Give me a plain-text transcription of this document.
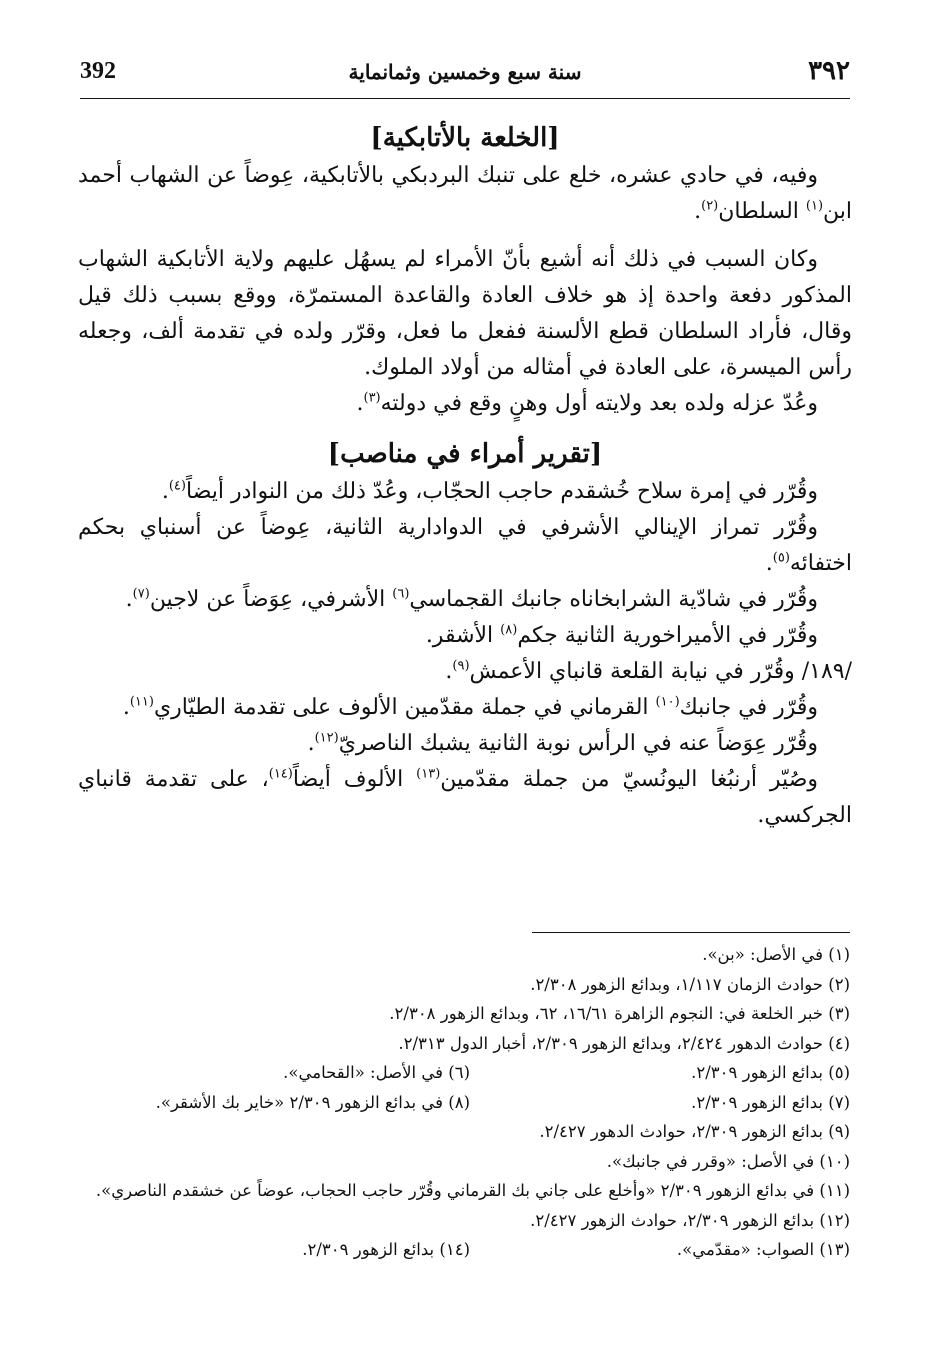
392	سنة سبع وخمسين وثمانماية	٣٩٢
[الخلعة بالأتابكية]

وفيه، في حادي عشره، خلع على تنبك البردبكي بالأتابكية، عِوضاً عن الشهاب أحمد ابن$^{(١)}$ السلطان$^{(٢)}$.

وكان السبب في ذلك أنه أشيع بأنّ الأمراء لم يسهُل عليهم ولاية الأتابكية الشهاب المذكور دفعة واحدة إذ هو خلاف العادة والقاعدة المستمرّة، ووقع بسبب ذلك قيل وقال، فأراد السلطان قطع الألسنة ففعل ما فعل، وقرّر ولده في تقدمة ألف، وجعله رأس الميسرة، على العادة في أمثاله من أولاد الملوك.

وعُدّ عزله ولده بعد ولايته أول وهنٍ وقع في دولته$^{(٣)}$.

[تقرير أمراء في مناصب]

وقُرّر في إمرة سلاح خُشقدم حاجب الحجّاب، وعُدّ ذلك من النوادر أيضاً$^{(٤)}$.

وقُرّر تمراز الإينالي الأشرفي في الدوادارية الثانية، عِوضاً عن أسنباي بحكم اختفائه$^{(٥)}$.

وقُرّر في شادّية الشرابخاناه جانبك القجماسي$^{(٦)}$ الأشرفي، عِوَضاً عن لاجين$^{(٧)}$.

وقُرّر في الأميراخورية الثانية جكم$^{(٨)}$ الأشقر.

/١٨٩/ وقُرّر في نيابة القلعة قانباي الأعمش$^{(٩)}$.

وقُرّر في جانبك$^{(١٠)}$ القرماني في جملة مقدّمين الألوف على تقدمة الطيّاري$^{(١١)}$.

وقُرّر عِوَضاً عنه في الرأس نوبة الثانية يشبك الناصريّ$^{(١٢)}$.

وصُيّر أرنبُغا اليونُسيّ من جملة مقدّمين$^{(١٣)}$ الألوف أيضاً$^{(١٤)}$، على تقدمة قانباي الجركسي.

(١) في الأصل: «بن».
(٢) حوادث الزمان ١/١١٧، وبدائع الزهور ٢/٣٠٨.
(٣) خبر الخلعة في: النجوم الزاهرة ١٦/٦١، ٦٢، وبدائع الزهور ٢/٣٠٨.
(٤) حوادث الدهور ٢/٤٢٤، وبدائع الزهور ٢/٣٠٩، أخبار الدول ٢/٣١٣.
(٥) بدائع الزهور ٢/٣٠٩.
(٦) في الأصل: «القحامي».
(٧) بدائع الزهور ٢/٣٠٩.
(٨) في بدائع الزهور ٢/٣٠٩ «خاير بك الأشقر».
(٩) بدائع الزهور ٢/٣٠٩، حوادث الدهور ٢/٤٢٧.
(١٠) في الأصل: «وقرر في جانبك».
(١١) في بدائع الزهور ٢/٣٠٩ «وأخلع على جاني بك القرماني وقُرّر حاجب الحجاب، عوضاً عن خشقدم الناصري».
(١٢) بدائع الزهور ٢/٣٠٩، حوادث الزهور ٢/٤٢٧.
(١٣) الصواب: «مقدّمي».
(١٤) بدائع الزهور ٢/٣٠٩.
